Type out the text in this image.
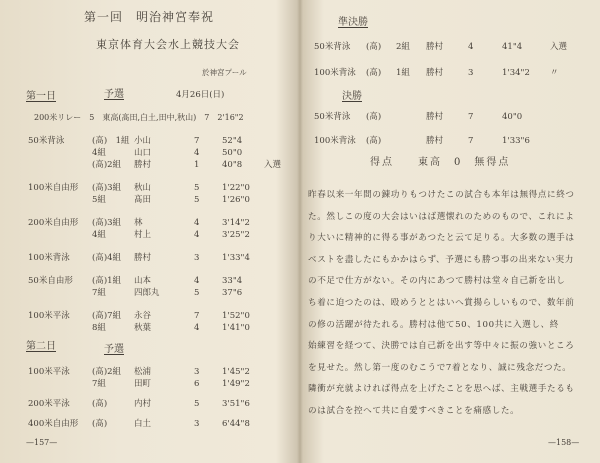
第一回　明治神宮奉祝
東京体育大会水上競技大会
於神宮プール
第一日	予選	4月26日(日)
200米リレー　5　東高(髙田,白土,田中,秋山)　7　2'16"2
50米背泳	(髙)　1組 小山	7	52"4
4組	山口	4	50"0
(髙)2組 勝村	1	40"8	入選
100米自由形 (髙)3組 秋山	5	1'22"0
5組	髙田	5	1'26"0
200米自由形 (髙)3組 林	4	3'14"2
4組	村上	4	3'25"2
100米背泳	(髙)4組 勝村	3	1'33"4
50米自由形 (髙)1組 山本	4	33"4
7組	四郎丸	5	37"6
100米平泳	(髙)7組 永谷	7	1'52"0
8組	秋葉	4	1'41"0
第二日	予選
100米平泳	(髙)2組 松浦	3	1'45"2
7組	田町	6	1'49"2
200米平泳	(髙)	内村	5	3'51"6
400米自由形 (髙)	白土	3	6'44"8
—157—
準決勝
50米背泳 (髙) 2組 勝村	4	41"4	入選
100米背泳 (髙) 1組 勝村	3	1'34"2 〃
決勝
50米背泳 (髙)	勝村	7	40"0
100米背泳 (髙)	勝村	7	1'33"6
得点　　東高　0　無得点
昨春以来一年間の錬功りもつけたこの試合も本年は無得点に終つ
た。然しこの度の大会はいはば選懐れのためのもので、これによ
り大いに精神的に得る事があつたと云て足りる。大多数の選手は
ベストを盡したにもかかはらず、予選にも勝つ事の出来ない実力
の不足で仕方がない。その内にあつて勝村は堂々自己新を出し
ち着に迫つたのは、殴めうととはいへ賞揚らしいもので、数年前
の修の活躍が待たれる。勝村は他て50、100共に入選し、終
始練習を経つて、決勝では自己新を出す等中々に振の強いところ
を見せた。然し第一度のむこうで7着となり、誠に残念だつた。
隣衝が充就よければ得点を上げたことを思へば、主戦選手たるも
のは試合を控へて共に自愛すべきことを痛感した。
—158—
